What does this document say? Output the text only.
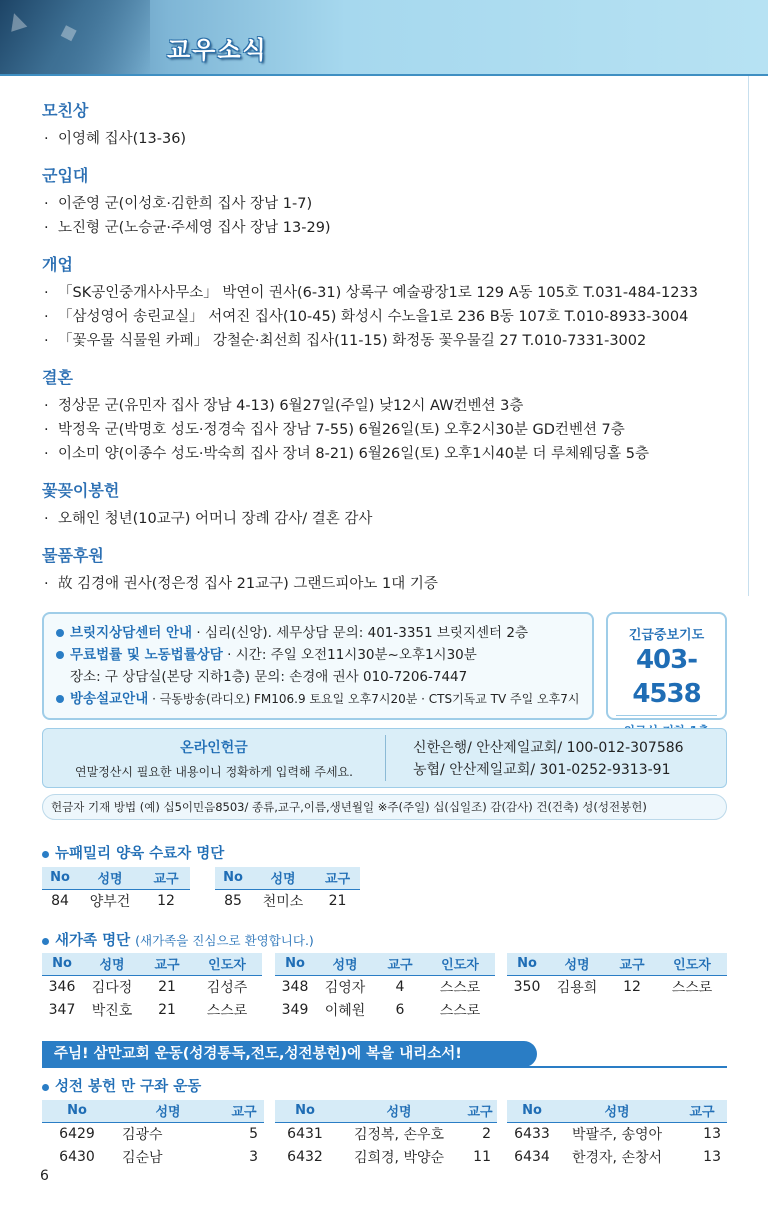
▲ ◆
교우소식
모친상
· 이영혜 집사(13-36)
군입대
· 이준영 군(이성호·김한희 집사 장남 1-7)
· 노진형 군(노승균·주세영 집사 장남 13-29)
개업
· 「SK공인중개사사무소」 박연이 권사(6-31) 상록구 예술광장1로 129 A동 105호 T.031-484-1233
· 「삼성영어 송린교실」 서여진 집사(10-45) 화성시 수노을1로 236 B동 107호 T.010-8933-3004
· 「꽃우물 식물원 카페」 강철순·최선희 집사(11-15) 화정동 꽃우물길 27 T.010-7331-3002
결혼
· 정상문 군(유민자 집사 장남 4-13) 6월27일(주일) 낮12시 AW컨벤션 3층
· 박정욱 군(박명호 성도·정경숙 집사 장남 7-55) 6월26일(토) 오후2시30분 GD컨벤션 7층
· 이소미 양(이종수 성도·박숙희 집사 장녀 8-21) 6월26일(토) 오후1시40분 더 루체웨딩홀 5층
꽃꽂이봉헌
· 오해인 청년(10교구) 어머니 장례 감사/ 결혼 감사
물품후원
· 故 김경애 권사(정은정 집사 21교구) 그랜드피아노 1대 기증
브릿지상담센터 안내 · 심리(신앙). 세무상담 문의: 401-3351 브릿지센터 2층
무료법률 및 노동법률상담 · 시간: 주일 오전11시30분~오후1시30분
장소: 구 상담실(본당 지하1층) 문의: 손경애 권사 010-7206-7447
방송설교안내 · 극동방송(라디오) FM106.9 토요일 오후7시20분 · CTS기독교 TV 주일 오후7시
긴급중보기도
403-4538
온라인헌금
연말정산시 필요한 내용이니 정확하게 입력해 주세요.
신한은행/ 안산제일교회/ 100-012-307586
농협/ 안산제일교회/ 301-0252-9313-91
헌금자 기재 방법 (예) 십5이민음8503/ 종류,교구,이름,생년월일 ※주(주일) 십(십일조) 감(감사) 건(건축) 성(성전봉헌)
뉴패밀리 양육 수료자 명단
No	성명	교구
84	양부건	12
No	성명	교구
85	천미소	21
새가족 명단 (새가족을 진심으로 환영합니다.)
No	성명	교구	인도자
346	김다정	21	김성주
347	박진호	21	스스로
No	성명	교구	인도자
348	김영자	4	스스로
349	이혜원	6	스스로
No	성명	교구	인도자
350	김용희	12	스스로
주님! 삼만교회 운동(성경통독,전도,성전봉헌)에 복을 내리소서!
성전 봉헌 만 구좌 운동
No	성명	교구
6429	김광수	5
6430	김순남	3
No	성명	교구
6431	김정복, 손우호	2
6432	김희경, 박양순	11
No	성명	교구
6433	박팔주, 송영아	13
6434	한경자, 손창서	13
6
